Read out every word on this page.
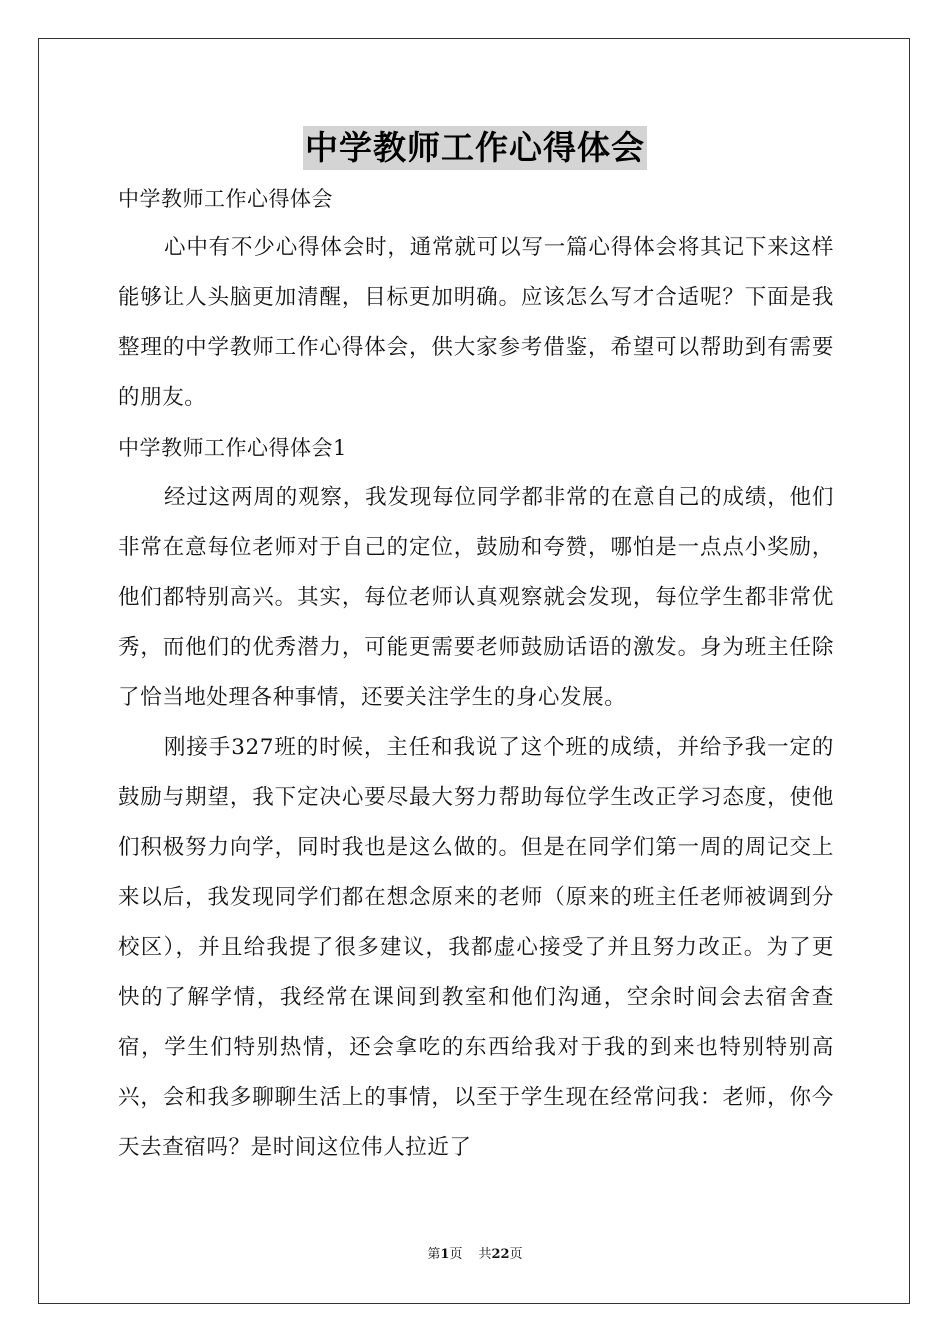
中学教师工作心得体会
中学教师工作心得体会

心中有不少心得体会时，通常就可以写一篇心得体会将其记下来这样能够让人头脑更加清醒，目标更加明确。应该怎么写才合适呢？下面是我整理的中学教师工作心得体会，供大家参考借鉴，希望可以帮助到有需要的朋友。

中学教师工作心得体会1

经过这两周的观察，我发现每位同学都非常的在意自己的成绩，他们非常在意每位老师对于自己的定位，鼓励和夸赞，哪怕是一点点小奖励，他们都特别高兴。其实，每位老师认真观察就会发现，每位学生都非常优秀，而他们的优秀潜力，可能更需要老师鼓励话语的激发。身为班主任除了恰当地处理各种事情，还要关注学生的身心发展。

刚接手327班的时候，主任和我说了这个班的成绩，并给予我一定的鼓励与期望，我下定决心要尽最大努力帮助每位学生改正学习态度，使他们积极努力向学，同时我也是这么做的。但是在同学们第一周的周记交上来以后，我发现同学们都在想念原来的老师（原来的班主任老师被调到分校区），并且给我提了很多建议，我都虚心接受了并且努力改正。为了更快的了解学情，我经常在课间到教室和他们沟通，空余时间会去宿舍查宿，学生们特别热情，还会拿吃的东西给我对于我的到来也特别特别高兴，会和我多聊聊生活上的事情，以至于学生现在经常问我：老师，你今天去查宿吗？是时间这位伟人拉近了

第1页 共22页
